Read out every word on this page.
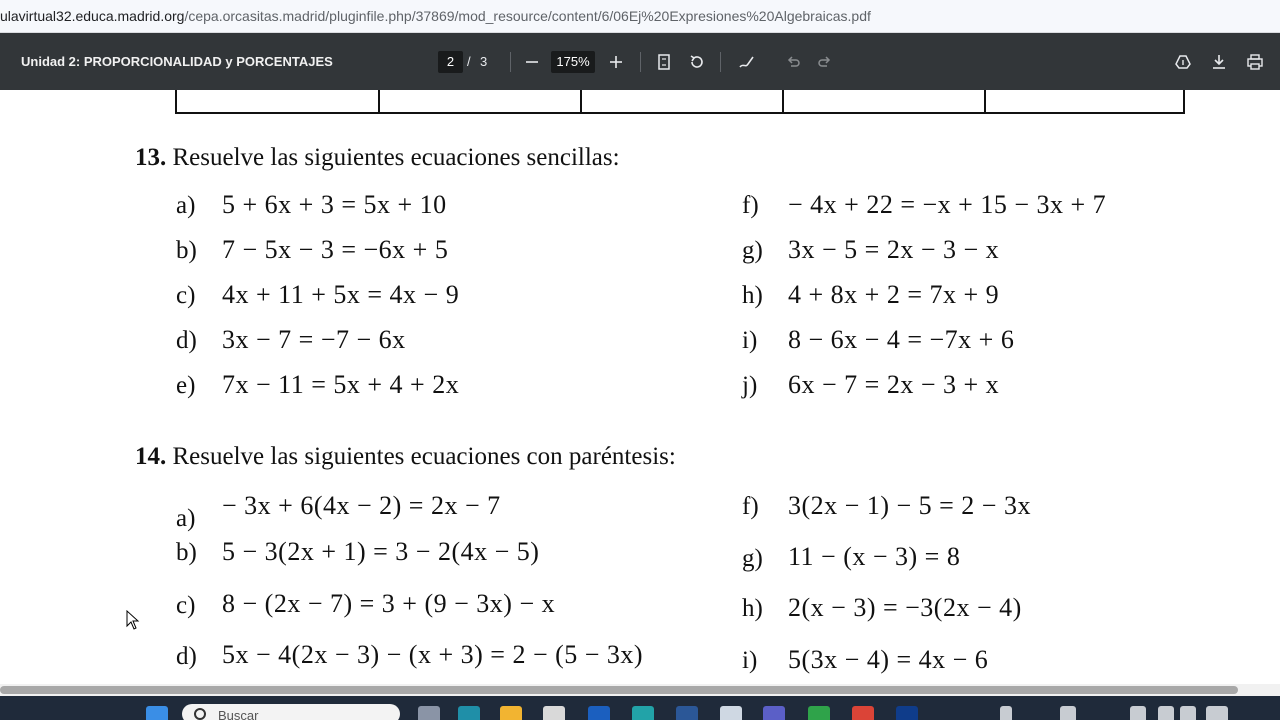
ulavirtual32.educa.madrid.org/cepa.orcasitas.madrid/pluginfile.php/37869/mod_resource/content/6/06Ej%20Expresiones%20Algebraicas.pdf
Unidad 2: PROPORCIONALIDAD y PORCENTAJES	2 / 3	175%
13. Resuelve las siguientes ecuaciones sencillas:
a) 5 + 6x + 3 = 5x + 10
b) 7 − 5x − 3 = −6x + 5
c) 4x + 11 + 5x = 4x − 9
d) 3x − 7 = −7 − 6x
e) 7x − 11 = 5x + 4 + 2x
f) − 4x + 22 = −x + 15 − 3x + 7
g) 3x − 5 = 2x − 3 − x
h) 4 + 8x + 2 = 7x + 9
i) 8 − 6x − 4 = −7x + 6
j) 6x − 7 = 2x − 3 + x
14. Resuelve las siguientes ecuaciones con paréntesis:
a) − 3x + 6(4x − 2) = 2x − 7
b) 5 − 3(2x + 1) = 3 − 2(4x − 5)
c) 8 − (2x − 7) = 3 + (9 − 3x) − x
d) 5x − 4(2x − 3) − (x + 3) = 2 − (5 − 3x)
f) 3(2x − 1) − 5 = 2 − 3x
g) 11 − (x − 3) = 8
h) 2(x − 3) = −3(2x − 4)
i) 5(3x − 4) = 4x − 6
Buscar
